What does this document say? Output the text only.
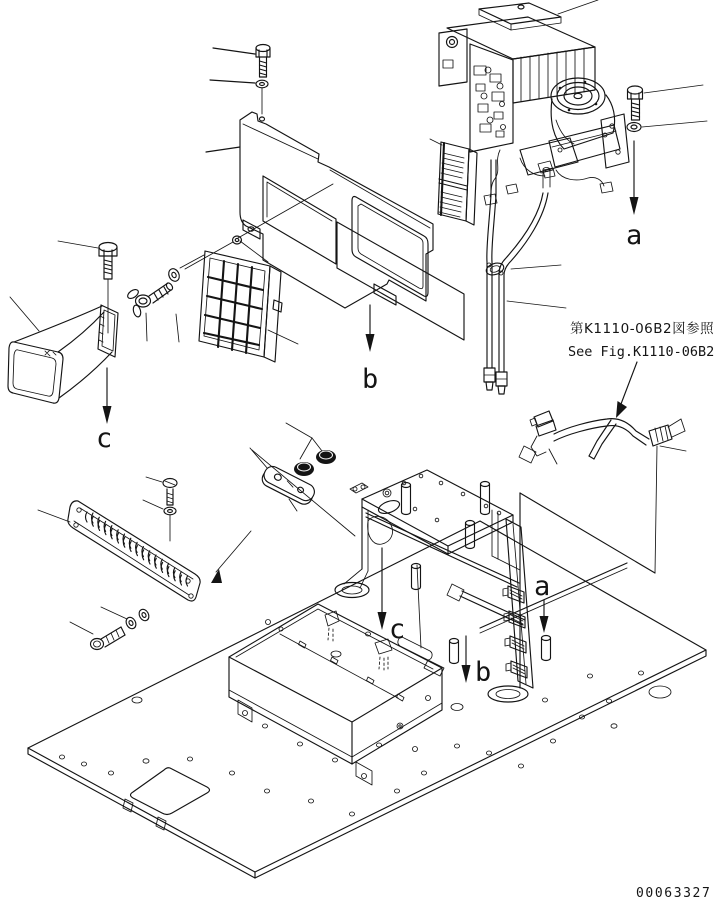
b
c
a
第K1110-06B2図参照
See Fig.K1110-06B2
c
b
a
00063327
